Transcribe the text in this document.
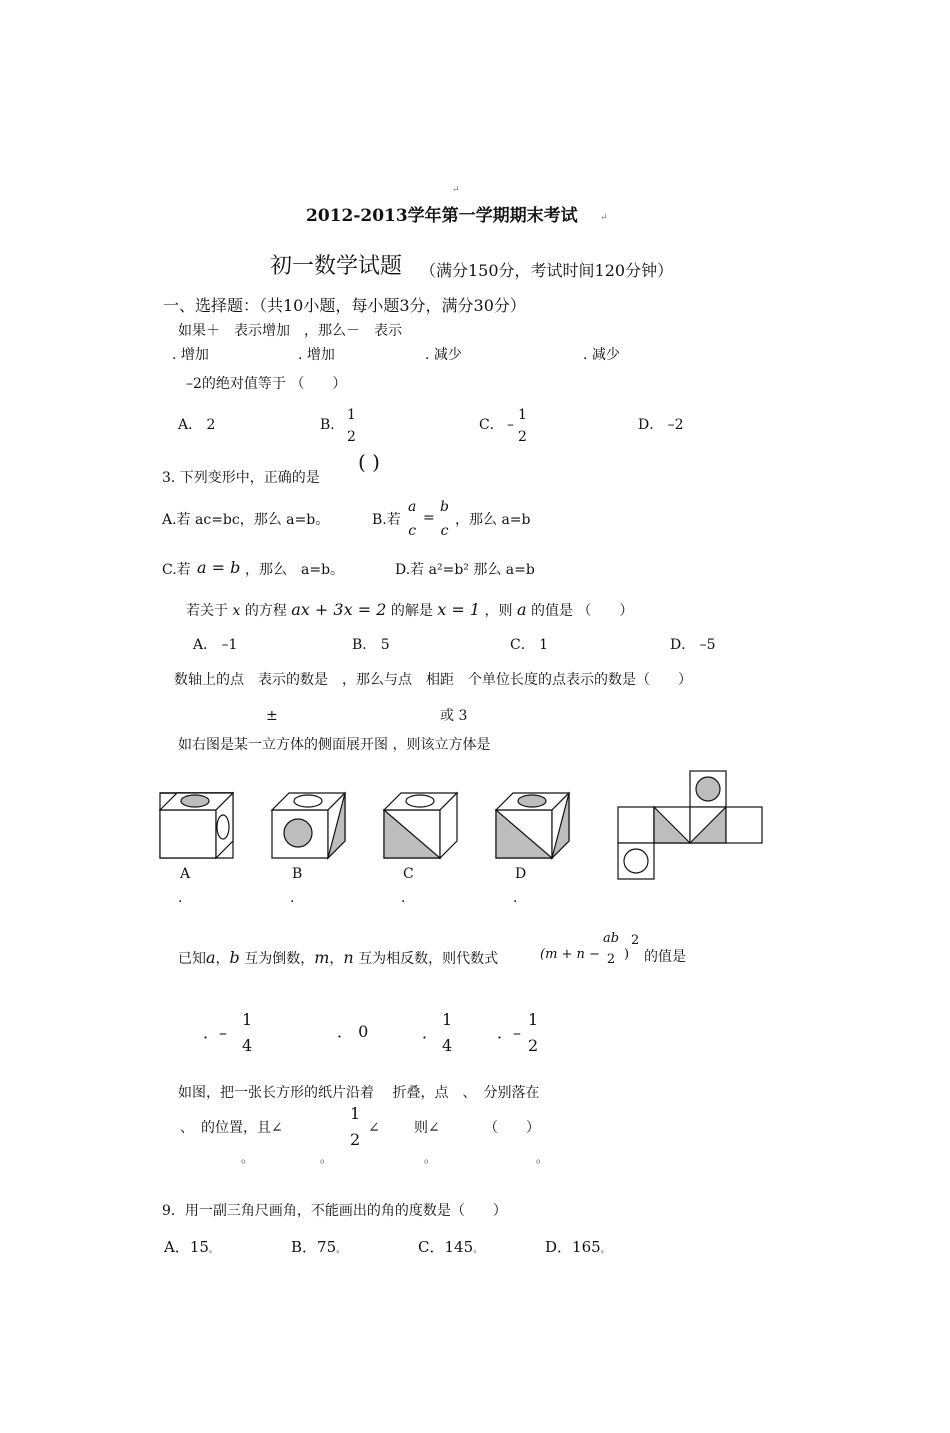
↵
2012-2013学年第一学期期末考试 ↵
初一数学试题 （满分150分，考试时间120分钟）
一、选择题：（共10小题，每小题3分，满分30分）
如果＋　表示增加　，那么－　表示
. 增加	. 增加	. 减少	. 减少
–2的绝对值等于 （　　）
A． 2	B．
1
2
C． –
1
2
D． –2
3. 下列变形中，正确的是
( )
A.若 ac=bc，那么 a=b。	B.若
a
c
=
b
c
，那么 a=b
C.若 a = b ，那么　a=b。	D.若 a²=b² 那么 a=b
若关于 x 的方程 ax + 3x = 2 的解是 x = 1 ，则 a 的值是 （　　）
A． –1	B． 5	C． 1	D． –5
数轴上的点　表示的数是　，那么与点　相距　个单位长度的点表示的数是（　　）
±	或 ⁡3
如右图是某一立方体的侧面展开图 ，则该立方体是
A	B	C	D
.	.	.	.
已知a，b 互为倒数，m，n 互为相反数，则代数式	(m + n −
ab
2 )
2
的值是
．–
1
4
． 0	．
1
4
．–
1
2
如图，把一张长方形的纸片沿着　 折叠，点　、　分别落在
、　的位置，且∠
1
2
∠ 则∠	（　　）
。	。	。	。
9．用一副三角尺画角，不能画出的角的度数是（　　）
A．15。	B．75。	C．145。	D．165。
